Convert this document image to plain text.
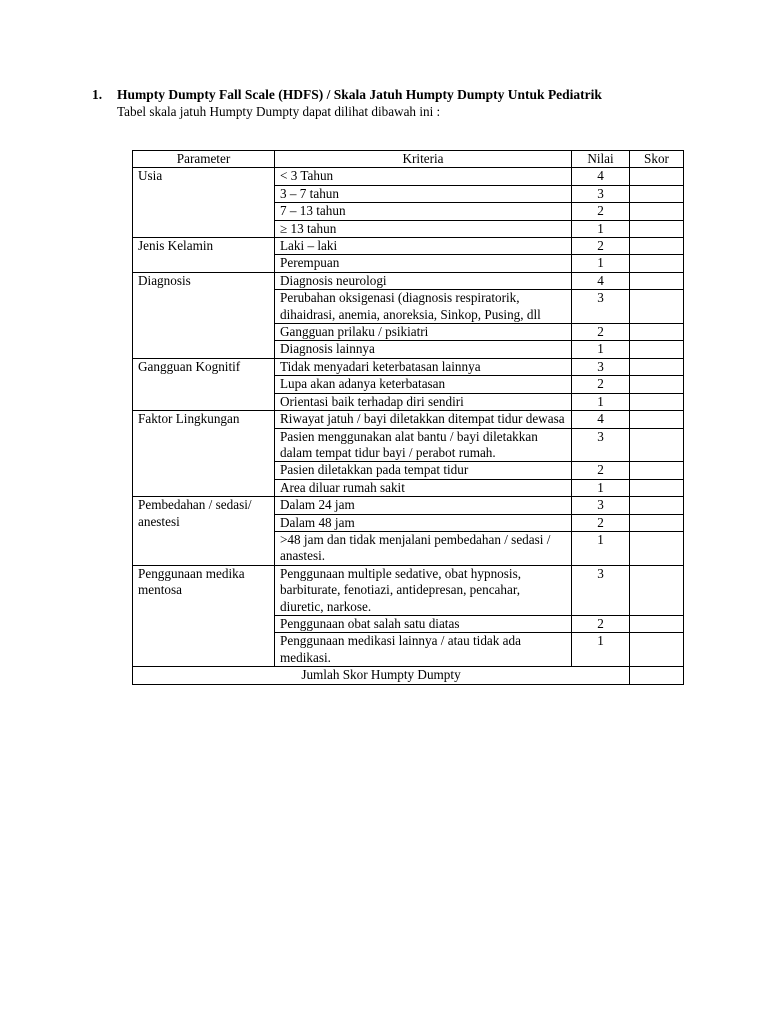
1. Humpty Dumpty Fall Scale (HDFS) / Skala Jatuh Humpty Dumpty Untuk Pediatrik
Tabel skala jatuh Humpty Dumpty dapat dilihat dibawah ini :
Parameter	Kriteria	Nilai	Skor
Usia	< 3 Tahun	4	
	3 – 7 tahun	3	
	7 – 13 tahun	2	
	≥ 13 tahun	1	
Jenis Kelamin	Laki – laki	2	
	Perempuan	1	
Diagnosis	Diagnosis neurologi	4	
	Perubahan oksigenasi (diagnosis respiratorik, dihaidrasi, anemia, anoreksia, Sinkop, Pusing, dll	3	
	Gangguan prilaku / psikiatri	2	
	Diagnosis lainnya	1	
Gangguan Kognitif	Tidak menyadari keterbatasan lainnya	3	
	Lupa akan adanya keterbatasan	2	
	Orientasi baik terhadap diri sendiri	1	
Faktor Lingkungan	Riwayat jatuh / bayi diletakkan ditempat tidur dewasa	4	
	Pasien menggunakan alat bantu / bayi diletakkan dalam tempat tidur bayi / perabot rumah.	3	
	Pasien diletakkan pada tempat tidur	2	
	Area diluar rumah sakit	1	
Pembedahan / sedasi/ anestesi	Dalam 24 jam	3	
	Dalam 48 jam	2	
	>48 jam dan tidak menjalani pembedahan / sedasi / anastesi.	1	
Penggunaan medika mentosa	Penggunaan multiple sedative, obat hypnosis, barbiturate, fenotiazi, antidepresan, pencahar, diuretic, narkose.	3	
	Penggunaan obat salah satu diatas	2	
	Penggunaan medikasi lainnya / atau tidak ada medikasi.	1	
Jumlah Skor Humpty Dumpty			
